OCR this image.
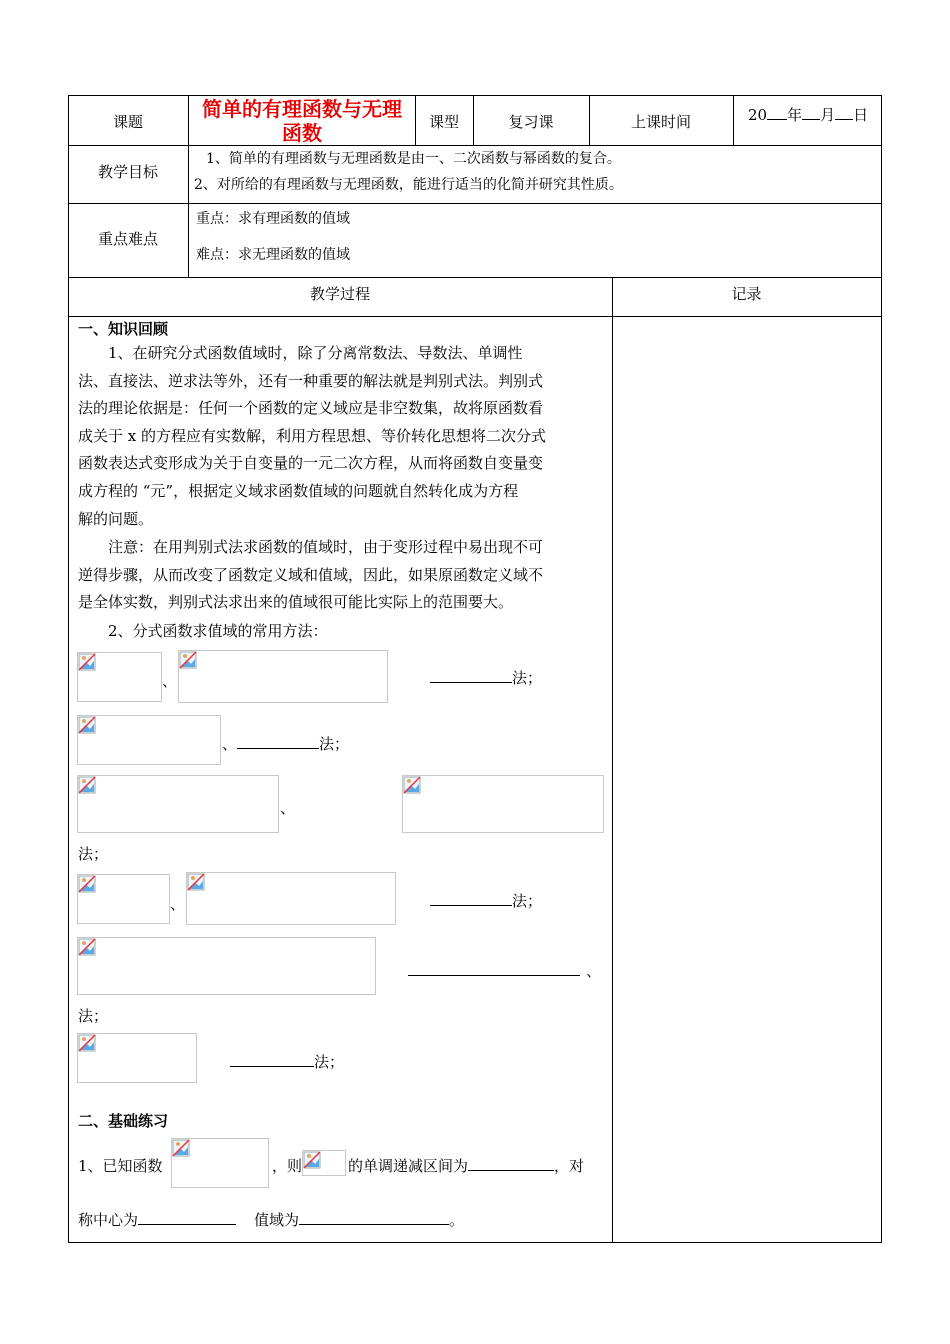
课题
简单的有理函数与无理函数	课型	复习课	上课时间	20 年 月 日
教学目标
1、简单的有理函数与无理函数是由一、二次函数与幂函数的复合。
2、对所给的有理函数与无理函数，能进行适当的化简并研究其性质。
重点难点
重点：求有理函数的值域
难点：求无理函数的值域
教学过程	记录
一、知识回顾
1、在研究分式函数值域时，除了分离常数法、导数法、单调性
法、直接法、逆求法等外，还有一种重要的解法就是判别式法。判别式
法的理论依据是：任何一个函数的定义域应是非空数集，故将原函数看
成关于 x 的方程应有实数解，利用方程思想、等价转化思想将二次分式
函数表达式变形成为关于自变量的一元二次方程，从而将函数自变量变
成方程的 “元”，根据定义域求函数值域的问题就自然转化成为方程
解的问题。
注意：在用判别式法求函数的值域时，由于变形过程中易出现不可
逆得步骤，从而改变了函数定义域和值域，因此，如果原函数定义域不
是全体实数，判别式法求出来的值域很可能比实际上的范围要大。
2、分式函数求值域的常用方法：
、	法；
、	法；
、
法；
、	法；
、
法；
法；
二、基础练习
1、已知函数	，则	的单调递减区间为	，对
称中心为	值域为	。
